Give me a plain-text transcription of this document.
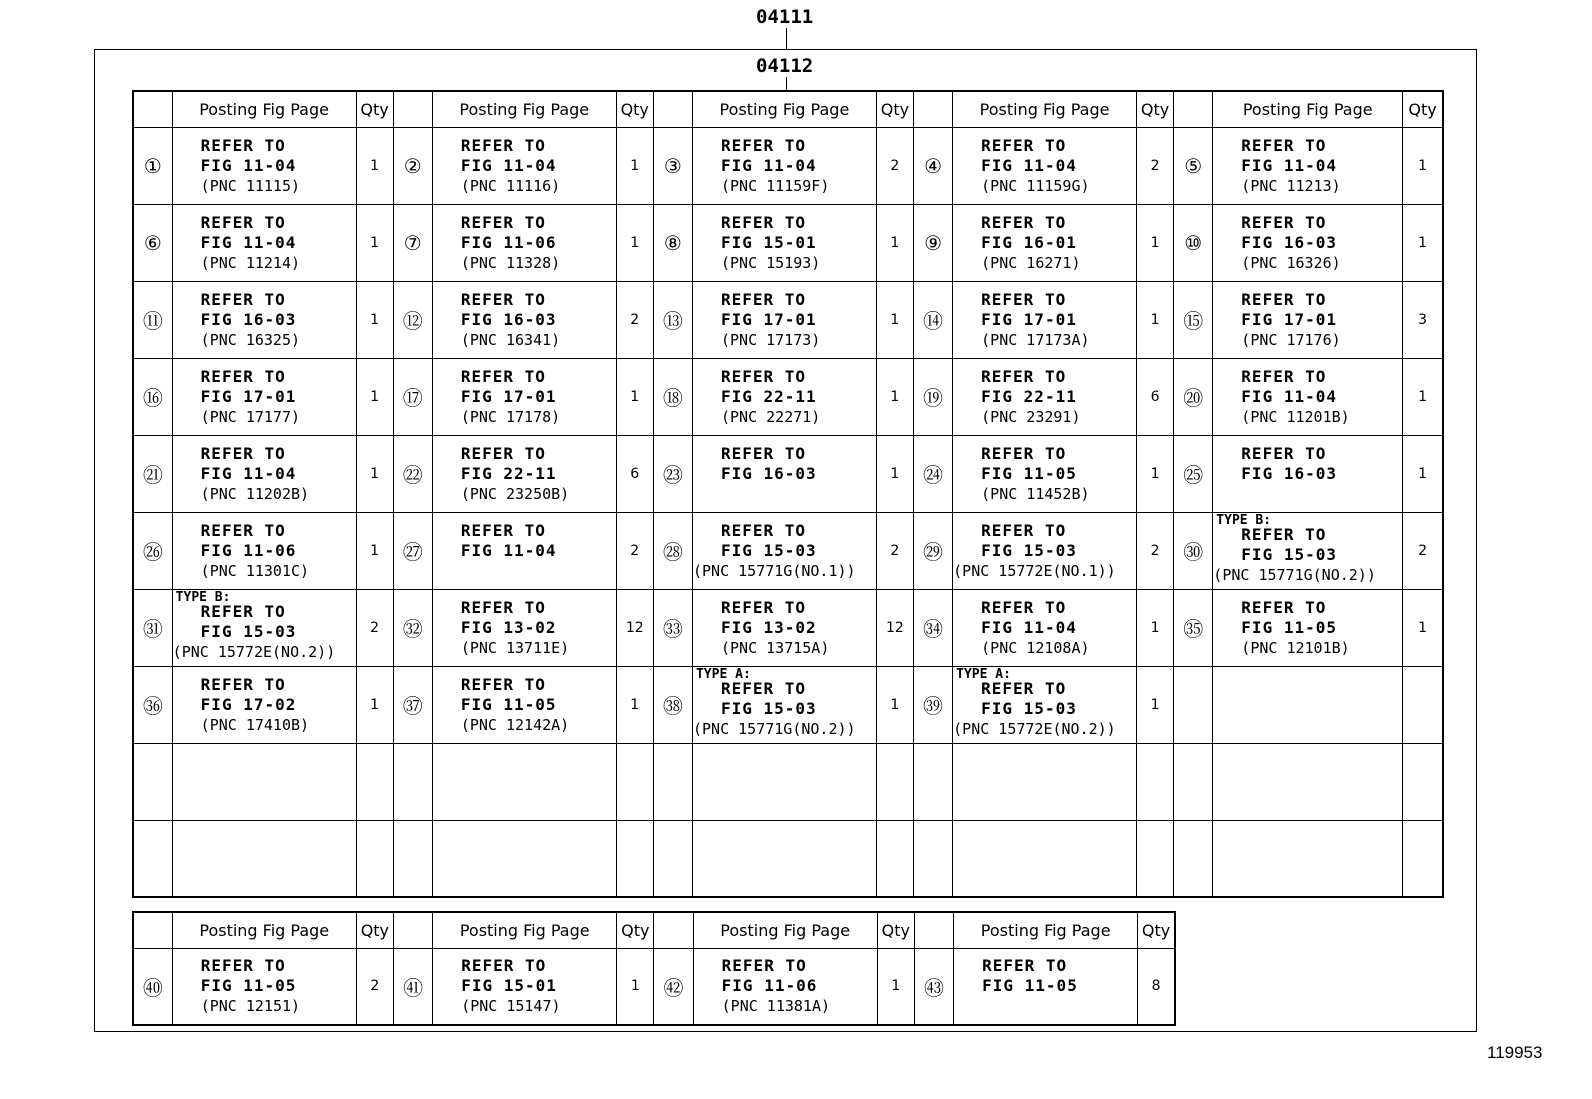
04111
04112
	Posting Fig Page	Qty		Posting Fig Page	Qty		Posting Fig Page	Qty		Posting Fig Page	Qty		Posting Fig Page	Qty
①	REFER TO
FIG 11-04
(PNC 11115)	1	②	REFER TO
FIG 11-04
(PNC 11116)	1	③	REFER TO
FIG 11-04
(PNC 11159F)	2	④	REFER TO
FIG 11-04
(PNC 11159G)	2	⑤	REFER TO
FIG 11-04
(PNC 11213)	1
⑥	REFER TO
FIG 11-04
(PNC 11214)	1	⑦	REFER TO
FIG 11-06
(PNC 11328)	1	⑧	REFER TO
FIG 15-01
(PNC 15193)	1	⑨	REFER TO
FIG 16-01
(PNC 16271)	1	⑩	REFER TO
FIG 16-03
(PNC 16326)	1
⑪	REFER TO
FIG 16-03
(PNC 16325)	1	⑫	REFER TO
FIG 16-03
(PNC 16341)	2	⑬	REFER TO
FIG 17-01
(PNC 17173)	1	⑭	REFER TO
FIG 17-01
(PNC 17173A)	1	⑮	REFER TO
FIG 17-01
(PNC 17176)	3
⑯	REFER TO
FIG 17-01
(PNC 17177)	1	⑰	REFER TO
FIG 17-01
(PNC 17178)	1	⑱	REFER TO
FIG 22-11
(PNC 22271)	1	⑲	REFER TO
FIG 22-11
(PNC 23291)	6	⑳	REFER TO
FIG 11-04
(PNC 11201B)	1
㉑	REFER TO
FIG 11-04
(PNC 11202B)	1	㉒	REFER TO
FIG 22-11
(PNC 23250B)	6	㉓	REFER TO
FIG 16-03	1	㉔	REFER TO
FIG 11-05
(PNC 11452B)	1	㉕	REFER TO
FIG 16-03	1
㉖	REFER TO
FIG 11-06
(PNC 11301C)	1	㉗	REFER TO
FIG 11-04	2	㉘	REFER TO
FIG 15-03
(PNC 15771G(NO.1))	2	㉙	REFER TO
FIG 15-03
(PNC 15772E(NO.1))	2	㉚	TYPE B:
REFER TO
FIG 15-03
(PNC 15771G(NO.2))	2
㉛	TYPE B:
REFER TO
FIG 15-03
(PNC 15772E(NO.2))	2	㉜	REFER TO
FIG 13-02
(PNC 13711E)	12	㉝	REFER TO
FIG 13-02
(PNC 13715A)	12	㉞	REFER TO
FIG 11-04
(PNC 12108A)	1	㉟	REFER TO
FIG 11-05
(PNC 12101B)	1
㊱	REFER TO
FIG 17-02
(PNC 17410B)	1	㊲	REFER TO
FIG 11-05
(PNC 12142A)	1	㊳	TYPE A:
REFER TO
FIG 15-03
(PNC 15771G(NO.2))	1	㊴	TYPE A:
REFER TO
FIG 15-03
(PNC 15772E(NO.2))	1		

	Posting Fig Page	Qty		Posting Fig Page	Qty		Posting Fig Page	Qty		Posting Fig Page	Qty
㊵	REFER TO
FIG 11-05
(PNC 12151)	2	㊶	REFER TO
FIG 15-01
(PNC 15147)	1	㊷	REFER TO
FIG 11-06
(PNC 11381A)	1	㊸	REFER TO
FIG 11-05	8
119953
